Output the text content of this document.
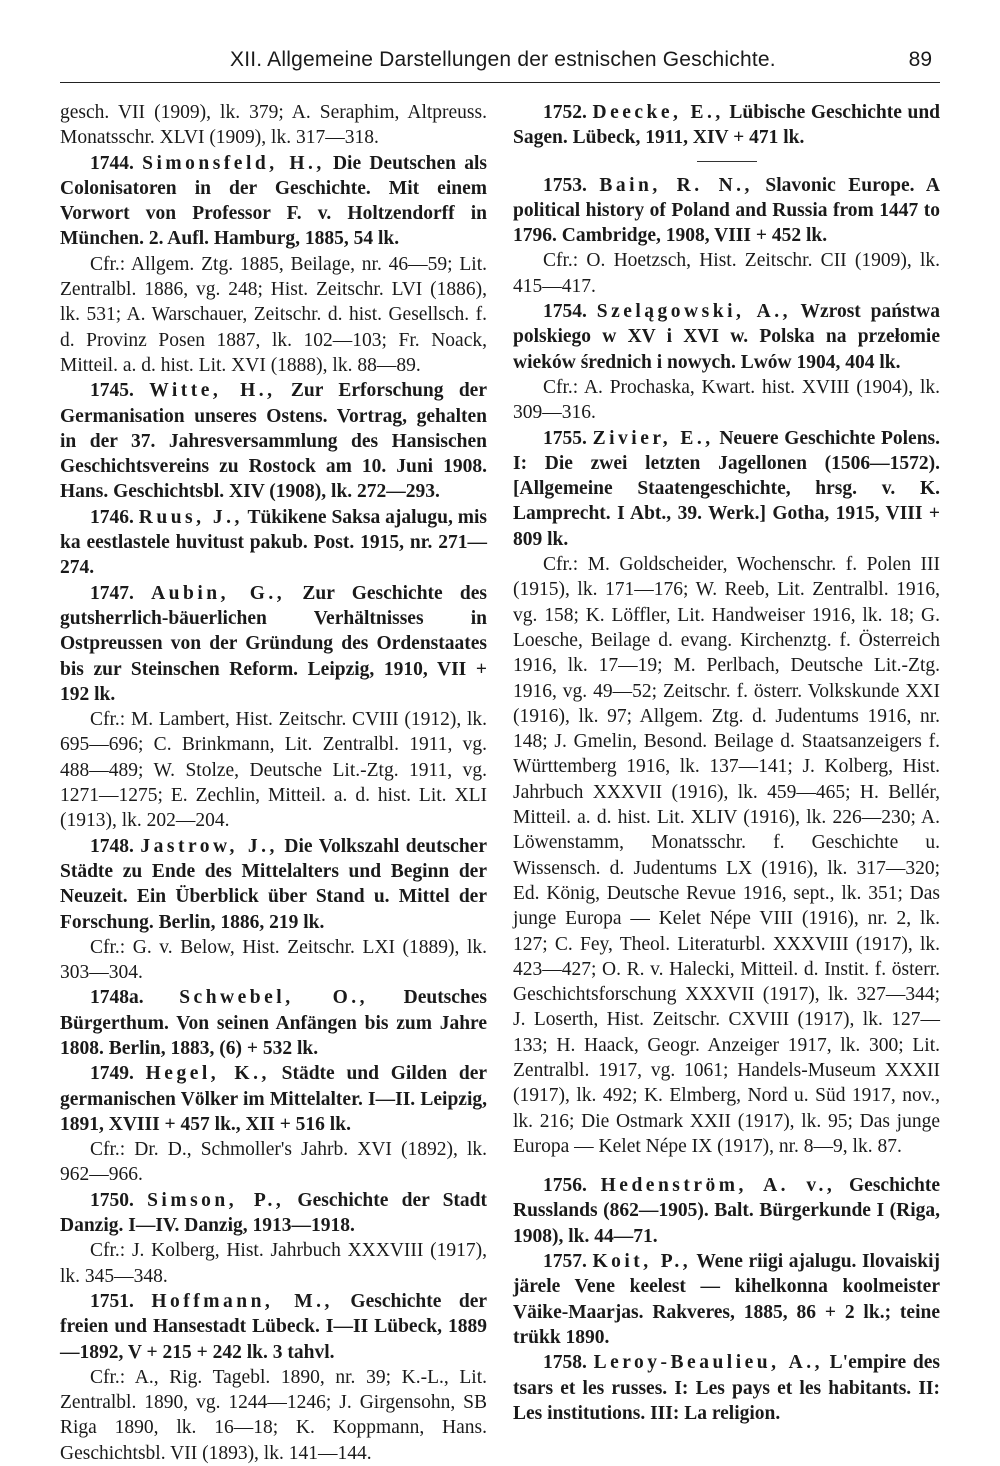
XII. Allgemeine Darstellungen der estnischen Geschichte.	89
gesch. VII (1909), lk. 379; A. Seraphim, Altpreuss. Monatsschr. XLVI (1909), lk. 317—318.
1744. Simonsfeld, H., Die Deutschen als Colonisatoren in der Geschichte. Mit einem Vorwort von Professor F. v. Holtzendorff in München. 2. Aufl. Hamburg, 1885, 54 lk.
Cfr.: Allgem. Ztg. 1885, Beilage, nr. 46—59; Lit. Zentralbl. 1886, vg. 248; Hist. Zeitschr. LVI (1886), lk. 531; A. Warschauer, Zeitschr. d. hist. Gesellsch. f. d. Provinz Posen 1887, lk. 102—103; Fr. Noack, Mitteil. a. d. hist. Lit. XVI (1888), lk. 88—89.
1745. Witte, H., Zur Erforschung der Germanisation unseres Ostens. Vortrag, gehalten in der 37. Jahresversammlung des Hansischen Geschichtsvereins zu Rostock am 10. Juni 1908. Hans. Geschichtsbl. XIV (1908), lk. 272—293.
1746. Ruus, J., Tükikene Saksa ajalugu, mis ka eestlastele huvitust pakub. Post. 1915, nr. 271—274.
1747. Aubin, G., Zur Geschichte des gutsherrlich-bäuerlichen Verhältnisses in Ostpreussen von der Gründung des Ordenstaates bis zur Steinschen Reform. Leipzig, 1910, VII + 192 lk.
Cfr.: M. Lambert, Hist. Zeitschr. CVIII (1912), lk. 695—696; C. Brinkmann, Lit. Zentralbl. 1911, vg. 488—489; W. Stolze, Deutsche Lit.-Ztg. 1911, vg. 1271—1275; E. Zechlin, Mitteil. a. d. hist. Lit. XLI (1913), lk. 202—204.
1748. Jastrow, J., Die Volkszahl deutscher Städte zu Ende des Mittelalters und Beginn der Neuzeit. Ein Überblick über Stand u. Mittel der Forschung. Berlin, 1886, 219 lk.
Cfr.: G. v. Below, Hist. Zeitschr. LXI (1889), lk. 303—304.
1748a. Schwebel, O., Deutsches Bürgerthum. Von seinen Anfängen bis zum Jahre 1808. Berlin, 1883, (6) + 532 lk.
1749. Hegel, K., Städte und Gilden der germanischen Völker im Mittelalter. I—II. Leipzig, 1891, XVIII + 457 lk., XII + 516 lk.
Cfr.: Dr. D., Schmoller's Jahrb. XVI (1892), lk. 962—966.
1750. Simson, P., Geschichte der Stadt Danzig. I—IV. Danzig, 1913—1918.
Cfr.: J. Kolberg, Hist. Jahrbuch XXXVIII (1917), lk. 345—348.
1751. Hoffmann, M., Geschichte der freien und Hansestadt Lübeck. I—II Lübeck, 1889—1892, V + 215 + 242 lk. 3 tahvl.
Cfr.: A., Rig. Tagebl. 1890, nr. 39; K.-L., Lit. Zentralbl. 1890, vg. 1244—1246; J. Girgensohn, SB Riga 1890, lk. 16—18; K. Koppmann, Hans. Geschichtsbl. VII (1893), lk. 141—144.
1752. Deecke, E., Lübische Geschichte und Sagen. Lübeck, 1911, XIV + 471 lk.
1753. Bain, R. N., Slavonic Europe. A political history of Poland and Russia from 1447 to 1796. Cambridge, 1908, VIII + 452 lk.
Cfr.: O. Hoetzsch, Hist. Zeitschr. CII (1909), lk. 415—417.
1754. Szelągowski, A., Wzrost państwa polskiego w XV i XVI w. Polska na przełomie wieków średnich i nowych. Lwów 1904, 404 lk.
Cfr.: A. Prochaska, Kwart. hist. XVIII (1904), lk. 309—316.
1755. Zivier, E., Neuere Geschichte Polens. I: Die zwei letzten Jagellonen (1506—1572). [Allgemeine Staatengeschichte, hrsg. v. K. Lamprecht. I Abt., 39. Werk.] Gotha, 1915, VIII + 809 lk.
Cfr.: M. Goldscheider, Wochenschr. f. Polen III (1915), lk. 171—176; W. Reeb, Lit. Zentralbl. 1916, vg. 158; K. Löffler, Lit. Handweiser 1916, lk. 18; G. Loesche, Beilage d. evang. Kirchenztg. f. Österreich 1916, lk. 17—19; M. Perlbach, Deutsche Lit.-Ztg. 1916, vg. 49—52; Zeitschr. f. österr. Volkskunde XXI (1916), lk. 97; Allgem. Ztg. d. Judentums 1916, nr. 148; J. Gmelin, Besond. Beilage d. Staatsanzeigers f. Württemberg 1916, lk. 137—141; J. Kolberg, Hist. Jahrbuch XXXVII (1916), lk. 459—465; H. Bellér, Mitteil. a. d. hist. Lit. XLIV (1916), lk. 226—230; A. Löwenstamm, Monatsschr. f. Geschichte u. Wissensch. d. Judentums LX (1916), lk. 317—320; Ed. König, Deutsche Revue 1916, sept., lk. 351; Das junge Europa — Kelet Népe VIII (1916), nr. 2, lk. 127; C. Fey, Theol. Literaturbl. XXXVIII (1917), lk. 423—427; O. R. v. Halecki, Mitteil. d. Instit. f. österr. Geschichtsforschung XXXVII (1917), lk. 327—344; J. Loserth, Hist. Zeitschr. CXVIII (1917), lk. 127—133; H. Haack, Geogr. Anzeiger 1917, lk. 300; Lit. Zentralbl. 1917, vg. 1061; Handels-Museum XXXII (1917), lk. 492; K. Elmberg, Nord u. Süd 1917, nov., lk. 216; Die Ostmark XXII (1917), lk. 95; Das junge Europa — Kelet Népe IX (1917), nr. 8—9, lk. 87.
1756. Hedenström, A. v., Geschichte Russlands (862—1905). Balt. Bürgerkunde I (Riga, 1908), lk. 44—71.
1757. Koit, P., Wene riigi ajalugu. Ilovaiskij järele Vene keelest — kihelkonna koolmeister Väike-Maarjas. Rakveres, 1885, 86 + 2 lk.; teine trükk 1890.
1758. Leroy-Beaulieu, A., L'empire des tsars et les russes. I: Les pays et les habitants. II: Les institutions. III: La religion.
